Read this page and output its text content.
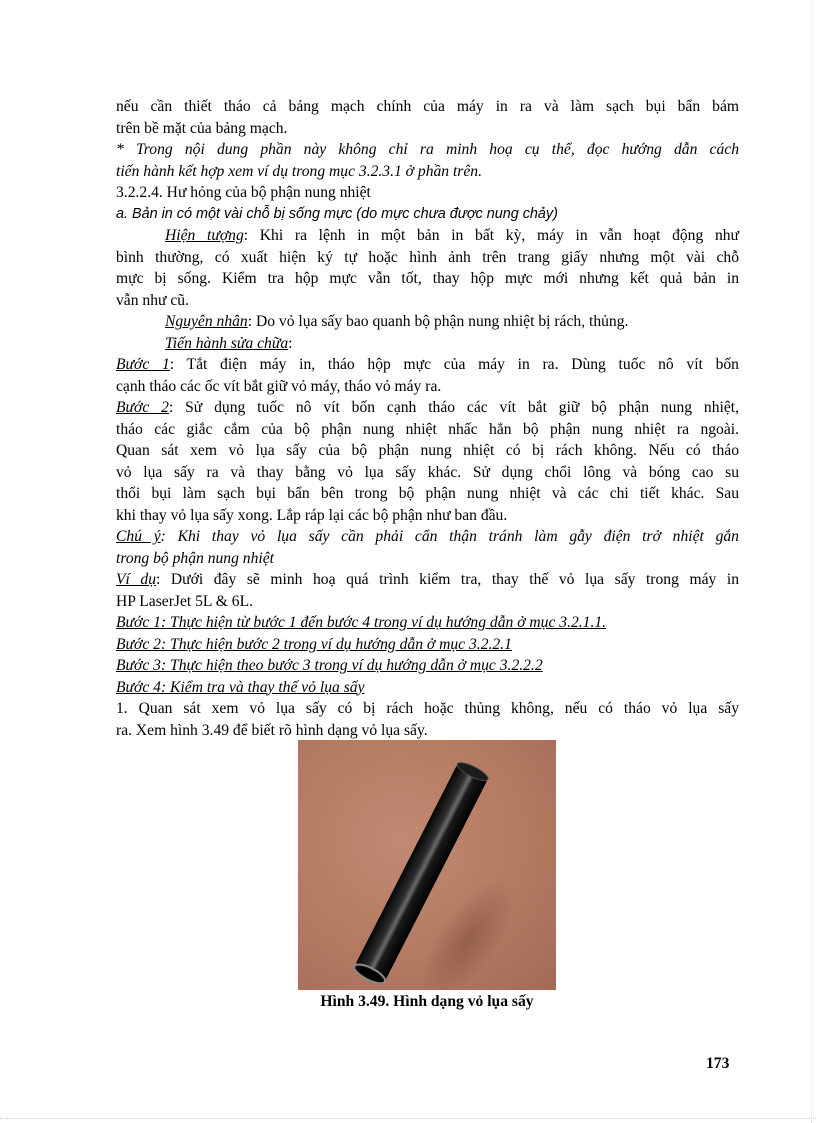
nếu cần thiết tháo cả bảng mạch chính của máy in ra và làm sạch bụi bẩn bám
trên bề mặt của bảng mạch.
* Trong nội dung phần này không chỉ ra minh hoạ cụ thể, đọc hướng dẫn cách
tiến hành kết hợp xem ví dụ trong mục 3.2.3.1 ở phần trên.
3.2.2.4. Hư hỏng của bộ phận nung nhiệt
a. Bản in có một vài chỗ bị sống mực (do mực chưa được nung chảy)
Hiện tượng: Khi ra lệnh in một bản in bất kỳ, máy in vẫn hoạt động như
bình thường, có xuất hiện ký tự hoặc hình ảnh trên trang giấy nhưng một vài chỗ
mực bị sống. Kiểm tra hộp mực vẫn tốt, thay hộp mực mới nhưng kết quả bản in
vẫn như cũ.
Nguyên nhân: Do vỏ lụa sấy bao quanh bộ phận nung nhiệt bị rách, thủng.
Tiến hành sửa chữa:
Bước 1: Tắt điện máy in, tháo hộp mực của máy in ra. Dùng tuốc nô vít bốn
cạnh tháo các ốc vít bắt giữ vỏ máy, tháo vỏ máy ra.
Bước 2: Sử dụng tuốc nô vít bốn cạnh tháo các vít bắt giữ bộ phận nung nhiệt,
tháo các giắc cắm của bộ phận nung nhiệt nhấc hẳn bộ phận nung nhiệt ra ngoài.
Quan sát xem vỏ lụa sấy của bộ phận nung nhiệt có bị rách không. Nếu có tháo
vỏ lụa sấy ra và thay bằng vỏ lụa sấy khác. Sử dụng chổi lông và bóng cao su
thổi bụi làm sạch bụi bẩn bên trong bộ phận nung nhiệt và các chi tiết khác. Sau
khi thay vỏ lụa sấy xong. Lắp ráp lại các bộ phận như ban đầu.
Chú ý: Khi thay vỏ lụa sấy cần phải cẩn thận tránh làm gẫy điện trở nhiệt gắn
trong bộ phận nung nhiệt
Ví dụ: Dưới đây sẽ minh hoạ quá trình kiểm tra, thay thế vỏ lụa sấy trong máy in
HP LaserJet 5L & 6L.
Bước 1: Thực hiện từ bước 1 đến bước 4 trong ví dụ hướng dẫn ở mục 3.2.1.1.
Bước 2: Thực hiện bước 2 trong ví dụ hướng dẫn ở mục 3.2.2.1
Bước 3: Thực hiện theo bước 3 trong ví dụ hướng dẫn ở mục 3.2.2.2
Bước 4: Kiểm tra và thay thế vỏ lụa sấy
1. Quan sát xem vỏ lụa sấy có bị rách hoặc thủng không, nếu có tháo vỏ lụa sấy
ra. Xem hình 3.49 để biết rõ hình dạng vỏ lụa sấy.
Hình 3.49. Hình dạng vỏ lụa sấy
173
